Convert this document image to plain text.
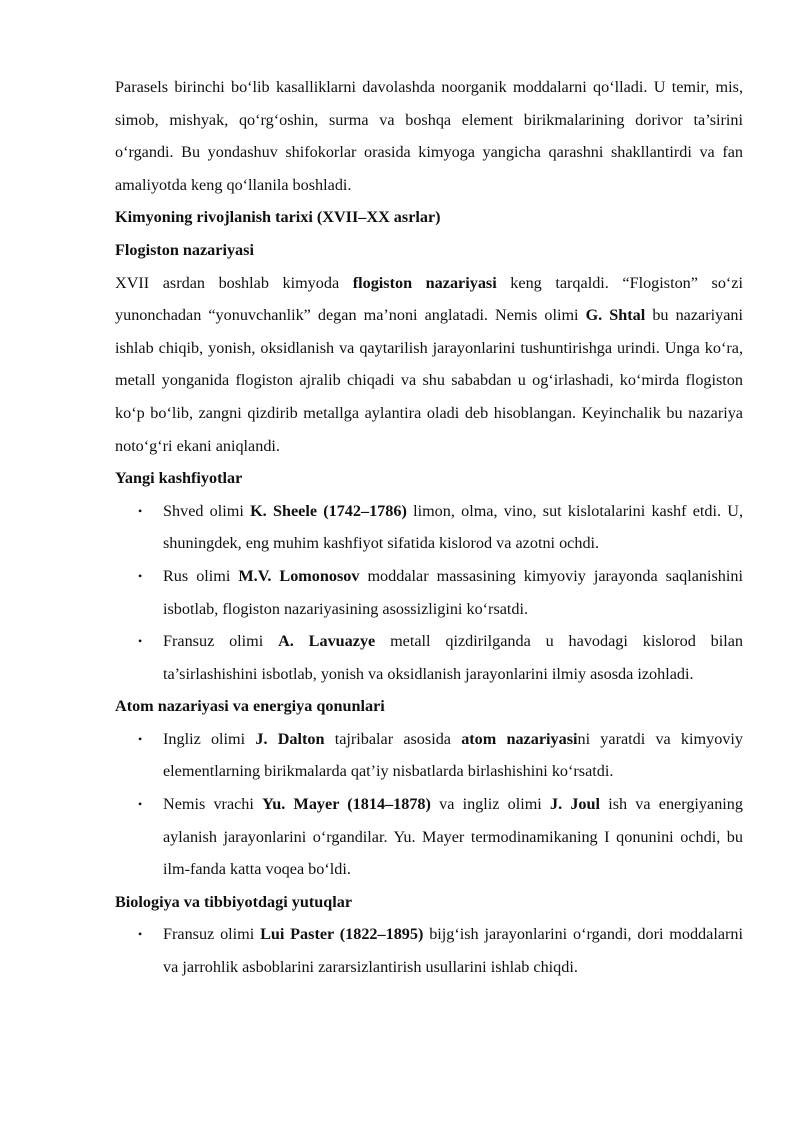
Parasels birinchi bo‘lib kasalliklarni davolashda noorganik moddalarni qo‘lladi. U temir, mis, simob, mishyak, qo‘rg‘oshin, surma va boshqa element birikmalarining dorivor ta’sirini o‘rgandi. Bu yondashuv shifokorlar orasida kimyoga yangicha qarashni shakllantirdi va fan amaliyotda keng qo‘llanila boshladi.

Kimyoning rivojlanish tarixi (XVII–XX asrlar)
Flogiston nazariyasi

XVII asrdan boshlab kimyoda flogiston nazariyasi keng tarqaldi. “Flogiston” so‘zi yunonchadan “yonuvchanlik” degan ma’noni anglatadi. Nemis olimi G. Shtal bu nazariyani ishlab chiqib, yonish, oksidlanish va qaytarilish jarayonlarini tushuntirishga urindi. Unga ko‘ra, metall yonganida flogiston ajralib chiqadi va shu sababdan u og‘irlashadi, ko‘mirda flogiston ko‘p bo‘lib, zangni qizdirib metallga aylantira oladi deb hisoblangan. Keyinchalik bu nazariya noto‘g‘ri ekani aniqlandi.

Yangi kashfiyotlar
• Shved olimi K. Sheele (1742–1786) limon, olma, vino, sut kislotalarini kashf etdi. U, shuningdek, eng muhim kashfiyot sifatida kislorod va azotni ochdi.
• Rus olimi M.V. Lomonosov moddalar massasining kimyoviy jarayonda saqlanishini isbotlab, flogiston nazariyasining asossizligini ko‘rsatdi.
• Fransuz olimi A. Lavuazye metall qizdirilganda u havodagi kislorod bilan ta’sirlashishini isbotlab, yonish va oksidlanish jarayonlarini ilmiy asosda izohladi.
Atom nazariyasi va energiya qonunlari
• Ingliz olimi J. Dalton tajribalar asosida atom nazariyasini yaratdi va kimyoviy elementlarning birikmalarda qat’iy nisbatlarda birlashishini ko‘rsatdi.
• Nemis vrachi Yu. Mayer (1814–1878) va ingliz olimi J. Joul ish va energiyaning aylanish jarayonlarini o‘rgandilar. Yu. Mayer termodinamikaning I qonunini ochdi, bu ilm-fanda katta voqea bo‘ldi.
Biologiya va tibbiyotdagi yutuqlar
• Fransuz olimi Lui Paster (1822–1895) bijg‘ish jarayonlarini o‘rgandi, dori moddalarni va jarrohlik asboblarini zararsizlantirish usullarini ishlab chiqdi.
